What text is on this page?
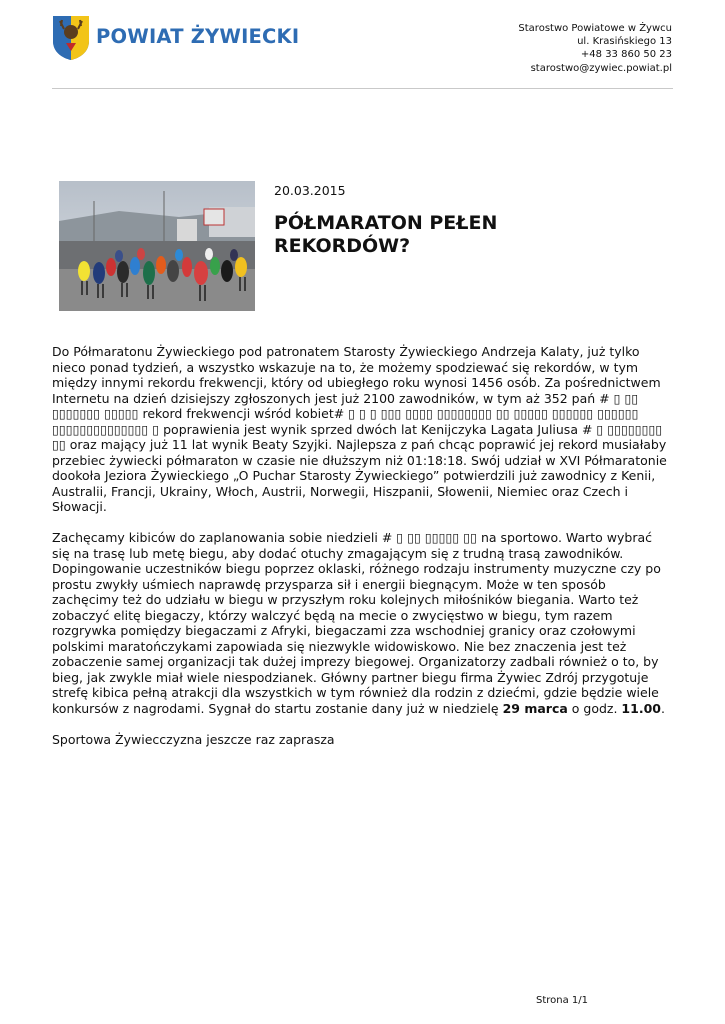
POWIAT ŻYWIECKI	Starostwo Powiatowe w Żywcu
ul. Krasińskiego 13
+48 33 860 50 23
starostwo@zywiec.powiat.pl
20.03.2015
PÓŁMARATON PEŁEN
REKORDÓW?

Do Półmaratonu Żywieckiego pod patronatem Starosty Żywieckiego Andrzeja Kalaty, już tylko nieco ponad tydzień, a wszystko wskazuje na to, że możemy spodziewać się rekordów, w tym między innymi rekordu frekwencji, który od ubiegłego roku wynosi 1456 osób. Za pośrednictwem Internetu na dzień dzisiejszy zgłoszonych jest już 2100 zawodników, w tym aż 352 pań # ▯ ▯▯ ▯▯▯▯▯▯▯ ▯▯▯▯▯ rekord frekwencji wśród kobiet# ▯ ▯ ▯ ▯▯▯ ▯▯▯▯ ▯▯▯▯▯▯▯▯ ▯▯ ▯▯▯▯▯ ▯▯▯▯▯▯ ▯▯▯▯▯▯ ▯▯▯▯▯▯▯▯▯▯▯▯▯▯ ▯ poprawienia jest wynik sprzed dwóch lat Kenijczyka Lagata Juliusa # ▯ ▯▯▯▯▯▯▯▯ ▯▯ oraz mający już 11 lat wynik Beaty Szyjki. Najlepsza z pań chcąc poprawić jej rekord musiałaby przebiec żywiecki półmaraton w czasie nie dłuższym niż 01:18:18. Swój udział w XVI Półmaratonie dookoła Jeziora Żywieckiego „O Puchar Starosty Żywieckiego” potwierdzili już zawodnicy z Kenii, Australii, Francji, Ukrainy, Włoch, Austrii, Norwegii, Hiszpanii, Słowenii, Niemiec oraz Czech i Słowacji.

Zachęcamy kibiców do zaplanowania sobie niedzieli # ▯ ▯▯ ▯▯▯▯▯ ▯▯ na sportowo. Warto wybrać się na trasę lub metę biegu, aby dodać otuchy zmagającym się z trudną trasą zawodników. Dopingowanie uczestników biegu poprzez oklaski, różnego rodzaju instrumenty muzyczne czy po prostu zwykły uśmiech naprawdę przysparza sił i energii biegnącym. Może w ten sposób zachęcimy też do udziału w biegu w przyszłym roku kolejnych miłośników biegania. Warto też zobaczyć elitę biegaczy, którzy walczyć będą na mecie o zwycięstwo w biegu, tym razem rozgrywka pomiędzy biegaczami z Afryki, biegaczami zza wschodniej granicy oraz czołowymi polskimi maratończykami zapowiada się niezwykle widowiskowo. Nie bez znaczenia jest też zobaczenie samej organizacji tak dużej imprezy biegowej. Organizatorzy zadbali również o to, by bieg, jak zwykle miał wiele niespodzianek. Główny partner biegu firma Żywiec Zdrój przygotuje strefę kibica pełną atrakcji dla wszystkich w tym również dla rodzin z dziećmi, gdzie będzie wiele konkursów z nagrodami. Sygnał do startu zostanie dany już w niedzielę 29 marca o godz. 11.00.

Sportowa Żywiecczyzna jeszcze raz zaprasza

Strona 1/1
